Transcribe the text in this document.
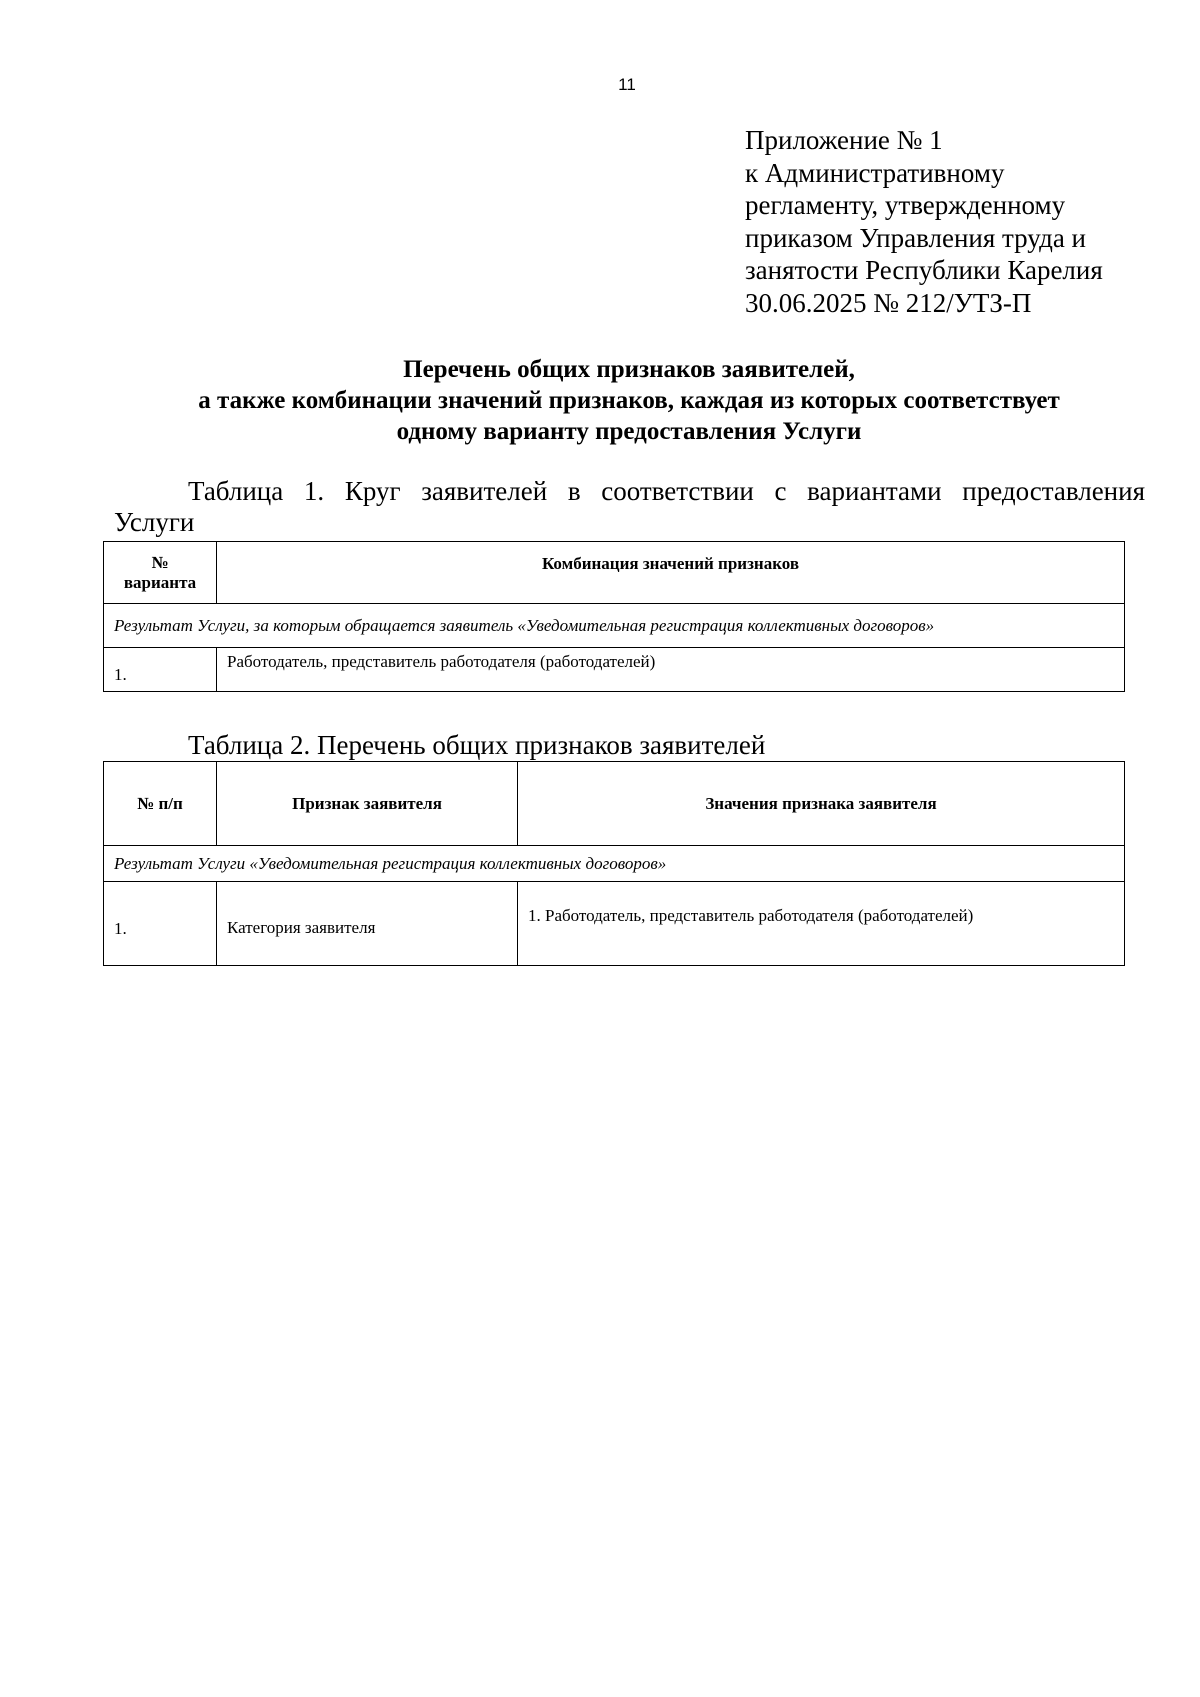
11
Приложение № 1
к Административному
регламенту, утвержденному
приказом Управления труда и
занятости Республики Карелия
30.06.2025 № 212/УТЗ-П
Перечень общих признаков заявителей,
а также комбинации значений признаков, каждая из которых соответствует
одному варианту предоставления Услуги
Таблица 1. Круг заявителей в соответствии с вариантами предоставления
Услуги
№
варианта	Комбинация значений признаков
Результат Услуги, за которым обращается заявитель «Уведомительная регистрация коллективных договоров»	
1.	Работодатель, представитель работодателя (работодателей)
Таблица 2. Перечень общих признаков заявителей
№ п/п	Признак заявителя	Значения признака заявителя
Результат Услуги «Уведомительная регистрация коллективных договоров»		
1.	Категория заявителя	1. Работодатель, представитель работодателя (работодателей)
